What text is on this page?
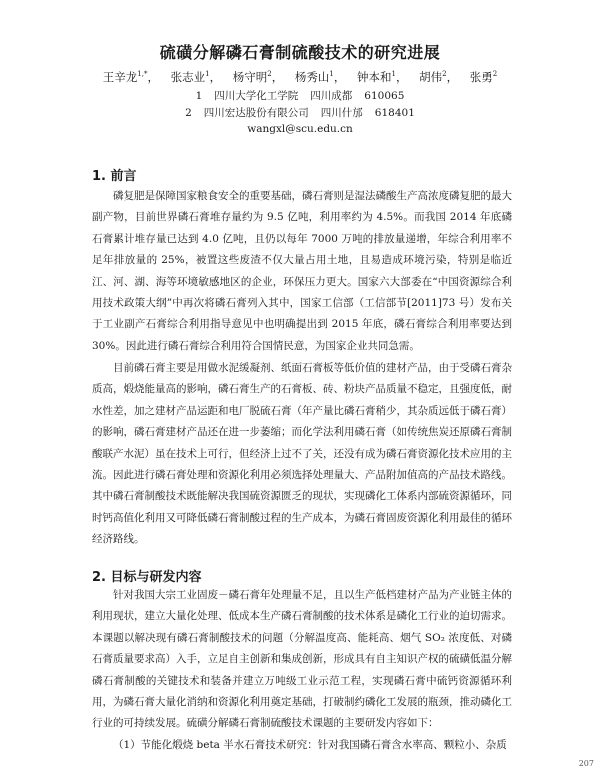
硫磺分解磷石膏制硫酸技术的研究进展
王辛龙$^{1,*}$， 张志业$^1$， 杨守明$^2$， 杨秀山$^1$， 钟本和$^1$， 胡伟$^2$， 张勇$^2$
1 四川大学化工学院 四川成都 610065
2 四川宏达股份有限公司 四川什邡 618401
wangxl@scu.edu.cn
1. 前言

磷复肥是保障国家粮食安全的重要基础，磷石膏则是湿法磷酸生产高浓度磷复肥的最大副产物，目前世界磷石膏堆存量约为 9.5 亿吨，利用率约为 4.5%。而我国 2014 年底磷石膏累计堆存量已达到 4.0 亿吨，且仍以每年 7000 万吨的排放量递增，年综合利用率不足年排放量的 25%，被置这些废渣不仅大量占用土地，且易造成环境污染，特别是临近江、河、湖、海等环境敏感地区的企业，环保压力更大。国家六大部委在“中国资源综合利用技术政策大纲”中再次将磷石膏列入其中，国家工信部（工信部节[2011]73 号）发布关于工业副产石膏综合利用指导意见中也明确提出到 2015 年底，磷石膏综合利用率要达到 30%。因此进行磷石膏综合利用符合国情民意，为国家企业共同急需。

目前磷石膏主要是用做水泥缓凝剂、纸面石膏板等低价值的建材产品，由于受磷石膏杂质高，煅烧能量高的影响，磷石膏生产的石膏板、砖、粉块产品质量不稳定，且强度低，耐水性差，加之建材产品运距和电厂脱硫石膏（年产量比磷石膏稍少，其杂质远低于磷石膏）的影响，磷石膏建材产品还在进一步萎缩；而化学法利用磷石膏（如传统焦炭还原磷石膏制酸联产水泥）虽在技术上可行，但经济上过不了关，还没有成为磷石膏资源化技术应用的主流。因此进行磷石膏处理和资源化利用必须选择处理量大、产品附加值高的产品技术路线。其中磷石膏制酸技术既能解决我国硫资源匮乏的现状，实现磷化工体系内部硫资源循环，同时钙高值化利用又可降低磷石膏制酸过程的生产成本，为磷石膏固废资源化利用最佳的循环经济路线。

2. 目标与研发内容

针对我国大宗工业固废－磷石膏年处理量不足，且以生产低档建材产品为产业链主体的利用现状，建立大量化处理、低成本生产磷石膏制酸的技术体系是磷化工行业的迫切需求。本课题以解决现有磷石膏制酸技术的问题（分解温度高、能耗高、烟气 SO₂ 浓度低、对磷石膏质量要求高）入手，立足自主创新和集成创新，形成具有自主知识产权的硫磺低温分解磷石膏制酸的关键技术和装备并建立万吨级工业示范工程，实现磷石膏中硫钙资源循环利用，为磷石膏大量化消纳和资源化利用奠定基础，打破制约磷化工发展的瓶颈，推动磷化工行业的可持续发展。硫磺分解磷石膏制硫酸技术课题的主要研发内容如下：

（1）节能化煅烧 beta 半水石膏技术研究：针对我国磷石膏含水率高、颗粒小、杂质

207
